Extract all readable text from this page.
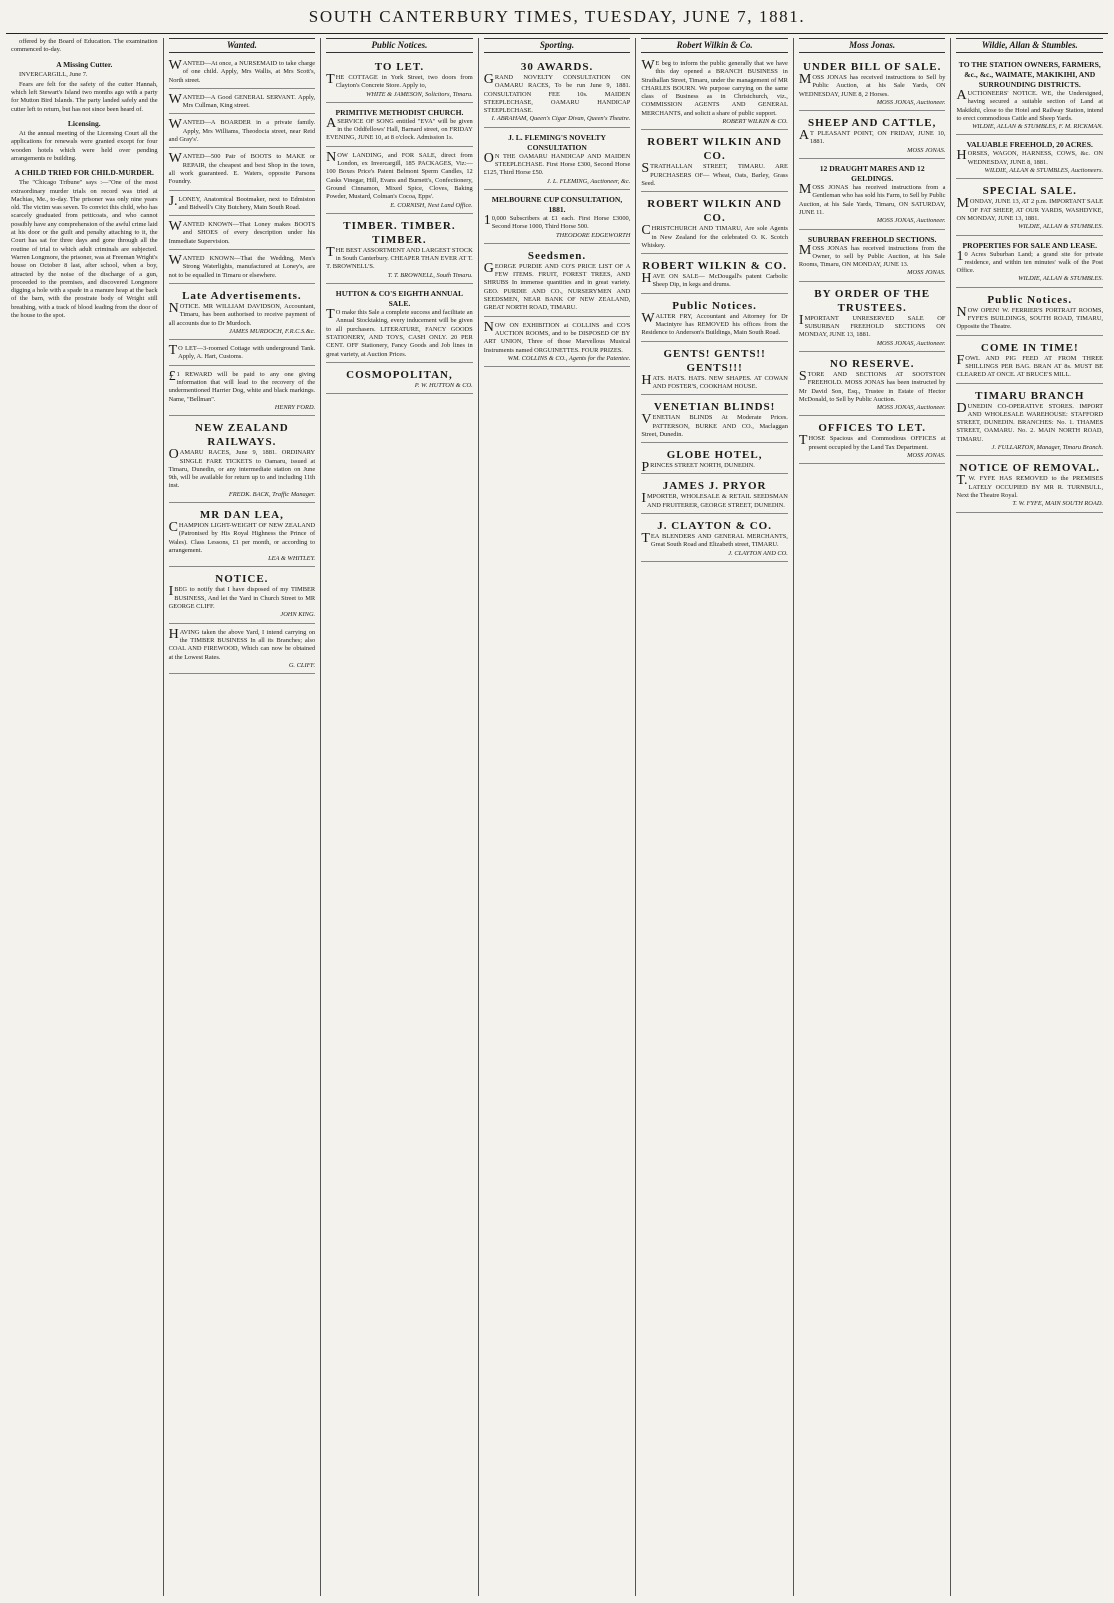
SOUTH CANTERBURY TIMES, TUESDAY, JUNE 7, 1881.

offered by the Board of Education. The examination commenced to-day.

A Missing Cutter.

INVERCARGILL, June 7.

Fears are felt for the safety of the cutter Hannah, which left Stewart's Island two months ago with a party for Mutton Bird Islands. The party landed safely and the cutter left to return, but has not since been heard of.

Licensing.

At the annual meeting of the Licensing Court all the applications for renewals were granted except for four wooden hotels which were held over pending arrangements re building.

A CHILD TRIED FOR CHILD-MURDER.

The "Chicago Tribune" says :—"One of the most extraordinary murder trials on record was tried at Machias, Me., to-day. The prisoner was only nine years old. The victim was seven. To convict this child, who has scarcely graduated from petticoats, and who cannot possibly have any comprehension of the awful crime laid at his door or the guilt and penalty attaching to it, the Court has sat for three days and gone through all the routine of trial to which adult criminals are subjected. Warren Longmore, the prisoner, was at Freeman Wright's house on October 8 last, after school, when a boy, attracted by the noise of the discharge of a gun, proceeded to the premises, and discovered Longmore digging a hole with a spade in a manure heap at the back of the barn, with the prostrate body of Wright still breathing, with a track of blood leading from the door of the house to the spot.

Wanted.
WANTED—At once, a NURSEMAID to take charge of one child. Apply, Mrs Wallis, at Mrs Scott's, North street.
WANTED—A Good GENERAL SERVANT. Apply, Mrs Cullman, King street.
WANTED—A BOARDER in a private family. Apply, Mrs Williams, Theodocia street, near Reid and Gray's'.
WANTED—500 Pair of BOOTS to MAKE or REPAIR, the cheapest and best Shop in the town, all work guaranteed. E. Waters, opposite Parsons Foundry.
J.LONEY, Anatomical Bootmaker, next to Edmiston and Bidwell's City Butchery, Main South Road.
WANTED KNOWN—That Loney makes BOOTS and SHOES of every description under his Immediate Supervision.
WANTED KNOWN—That the Wedding, Men's Strong Waterlights, manufactured at Loney's, are not to be equalled in Timaru or elsewhere.
Late Advertisements.
NOTICE. MR WILLIAM DAVIDSON, Accountant, Timaru, has been authorised to receive payment of all accounts due to Dr Murdoch.
JAMES MURDOCH, F.R.C.S.&c.
TO LET—3-roomed Cottage with underground Tank. Apply, A. Hart, Customs.
£1 REWARD will be paid to any one giving information that will lead to the recovery of the undermentioned Harrier Dog, white and black markings. Name, "Bellman".
HENRY FORD.
NEW ZEALAND RAILWAYS.
OAMARU RACES, June 9, 1881. ORDINARY SINGLE FARE TICKETS to Oamaru, issued at Timaru, Dunedin, or any intermediate station on June 9th, will be available for return up to and including 11th inst.
FREDK. BACK, Traffic Manager.
MR DAN LEA,
CHAMPION LIGHT-WEIGHT OF NEW ZEALAND (Patronised by His Royal Highness the Prince of Wales). Class Lessons, £1 per month, or according to arrangement.
LEA & WHITLEY.
NOTICE.
IBEG to notify that I have disposed of my TIMBER BUSINESS, And let the Yard in Church Street to MR GEORGE CLIFF.
JOHN KING.
HAVING taken the above Yard, I intend carrying on the TIMBER BUSINESS In all its Branches; also COAL AND FIREWOOD, Which can now be obtained at the Lowest Rates.
G. CLIFF.
Public Notices.
TO LET.
THE COTTAGE in York Street, two doors from Clayton's Concrete Store. Apply to,
WHITE & JAMESON, Solicitors, Timaru.
PRIMITIVE METHODIST CHURCH.
ASERVICE OF SONG entitled "EVA" will be given in the Oddfellows' Hall, Barnard street, on FRIDAY EVENING, JUNE 10, at 8 o'clock. Admission 1s.
NOW LANDING, and FOR SALE, direct from London, ex Invercargill, 185 PACKAGES, Viz:— 100 Boxes Price's Patent Belmont Sperm Candles, 12 Casks Vinegar, Hill, Evans and Burnett's, Confectionery, Ground Cinnamon, Mixed Spice, Cloves, Baking Powder, Mustard, Colman's Cocoa, Epps'.
E. CORNISH, Next Land Office.
TIMBER. TIMBER. TIMBER.
THE BEST ASSORTMENT AND LARGEST STOCK in South Canterbury. CHEAPER THAN EVER AT T. T. BROWNELL'S.
T. T. BROWNELL, South Timaru.
HUTTON & CO'S EIGHTH ANNUAL SALE.
TO make this Sale a complete success and facilitate an Annual Stocktaking, every inducement will be given to all purchasers. LITERATURE, FANCY GOODS STATIONERY, AND TOYS, CASH ONLY. 20 PER CENT. OFF Stationery, Fancy Goods and Job lines in great variety, at Auction Prices.
COSMOPOLITAN,
P. W. HUTTON & CO.
Sporting.
30 AWARDS.
GRAND NOVELTY CONSULTATION ON OAMARU RACES, To be run June 9, 1881. CONSULTATION FEE 10s. MAIDEN STEEPLECHASE, OAMARU HANDICAP STEEPLECHASE.
I. ABRAHAM, Queen's Cigar Divan, Queen's Theatre.
J. L. FLEMING'S NOVELTY CONSULTATION
ON THE OAMARU HANDICAP AND MAIDEN STEEPLECHASE. First Horse £300, Second Horse £125, Third Horse £50.
J. L. FLEMING, Auctioneer, &c.
MELBOURNE CUP CONSULTATION, 1881.
10,000 Subscribers at £1 each. First Horse £3000, Second Horse 1000, Third Horse 500.
THEODORE EDGEWORTH
Seedsmen.
GEORGE PURDIE AND CO'S PRICE LIST OF A FEW ITEMS. FRUIT, FOREST TREES, AND SHRUBS In immense quantities and in great variety. GEO. PURDIE AND CO., NURSERYMEN AND SEEDSMEN, NEAR BANK OF NEW ZEALAND, GREAT NORTH ROAD, TIMARU.
NOW ON EXHIBITION at COLLINS and CO'S AUCTION ROOMS, and to be DISPOSED OF BY ART UNION, Three of those Marvellous Musical Instruments named ORGUINETTES. FOUR PRIZES.
WM. COLLINS & CO., Agents for the Patentee.
Robert Wilkin & Co.
WE beg to inform the public generally that we have this day opened a BRANCH BUSINESS in Strathallan Street, Timaru, under the management of MR CHARLES BOURN. We purpose carrying on the same class of Business as in Christchurch, viz., COMMISSION AGENTS AND GENERAL MERCHANTS, and solicit a share of public support.
ROBERT WILKIN & CO.
ROBERT WILKIN AND CO.
STRATHALLAN STREET, TIMARU. ARE PURCHASERS OF— Wheat, Oats, Barley, Grass Seed.
ROBERT WILKIN AND CO.
CHRISTCHURCH AND TIMARU, Are sole Agents in New Zealand for the celebrated O. K. Scotch Whiskey.
ROBERT WILKIN & CO.
HAVE ON SALE— McDougall's patent Carbolic Sheep Dip, in kegs and drums.
Public Notices.
WALTER FRY, Accountant and Attorney for Dr Macintyre has REMOVED his offices from the Residence to Anderson's Buildings, Main South Road.
GENTS! GENTS!! GENTS!!!
HATS. HATS. HATS. NEW SHAPES. AT COWAN AND FOSTER'S, COOKHAM HOUSE.
VENETIAN BLINDS!
VENETIAN BLINDS At Moderate Prices. PATTERSON, BURKE AND CO., Maclaggan Street, Dunedin.
GLOBE HOTEL,
PRINCES STREET NORTH, DUNEDIN.
JAMES J. PRYOR
IMPORTER, WHOLESALE & RETAIL SEEDSMAN AND FRUITERER, GEORGE STREET, DUNEDIN.
J. CLAYTON & CO.
TEA BLENDERS AND GENERAL MERCHANTS, Great South Road and Elizabeth street, TIMARU.
J. CLAYTON AND CO.
Moss Jonas.
UNDER BILL OF SALE.
MOSS JONAS has received instructions to Sell by Public Auction, at his Sale Yards, ON WEDNESDAY, JUNE 8, 2 Horses.
MOSS JONAS, Auctioneer.
SHEEP AND CATTLE,
AT PLEASANT POINT, ON FRIDAY, JUNE 10, 1881.
MOSS JONAS.
12 DRAUGHT MARES AND 12 GELDINGS.
MOSS JONAS has received instructions from a Gentleman who has sold his Farm, to Sell by Public Auction, at his Sale Yards, Timaru, ON SATURDAY, JUNE 11.
MOSS JONAS, Auctioneer.
SUBURBAN FREEHOLD SECTIONS.
MOSS JONAS has received instructions from the Owner, to sell by Public Auction, at his Sale Rooms, Timaru, ON MONDAY, JUNE 13.
MOSS JONAS.
BY ORDER OF THE TRUSTEES.
IMPORTANT UNRESERVED SALE OF SUBURBAN FREEHOLD SECTIONS ON MONDAY, JUNE 13, 1881.
MOSS JONAS, Auctioneer.
NO RESERVE.
STORE AND SECTIONS AT SOOTSTON FREEHOLD. MOSS JONAS has been instructed by Mr David Son, Esq., Trustee in Estate of Hector McDonald, to Sell by Public Auction.
MOSS JONAS, Auctioneer.
OFFICES TO LET.
THOSE Spacious and Commodious OFFICES at present occupied by the Land Tax Department.
MOSS JONAS.
Wildie, Allan & Stumbles.
TO THE STATION OWNERS, FARMERS, &c., &c., WAIMATE, MAKIKIHI, AND SURROUNDING DISTRICTS.
AUCTIONEERS' NOTICE. WE, the Undersigned, having secured a suitable section of Land at Makikihi, close to the Hotel and Railway Station, intend to erect commodious Cattle and Sheep Yards.
WILDIE, ALLAN & STUMBLES, F. M. RICKMAN.
VALUABLE FREEHOLD, 20 ACRES.
HORSES, WAGON, HARNESS, COWS, &c. ON WEDNESDAY, JUNE 8, 1881.
WILDIE, ALLAN & STUMBLES, Auctioneers.
SPECIAL SALE.
MONDAY, JUNE 13, AT 2 p.m. IMPORTANT SALE OF FAT SHEEP, AT OUR YARDS, WASHDYKE, ON MONDAY, JUNE 13, 1881.
WILDIE, ALLAN & STUMBLES.
PROPERTIES FOR SALE AND LEASE.
10 Acres Suburban Land; a grand site for private residence, and within ten minutes' walk of the Post Office.
WILDIE, ALLAN & STUMBLES.
Public Notices.
NOW OPEN! W. FERRIER'S PORTRAIT ROOMS, FYFE'S BUILDINGS, SOUTH ROAD, TIMARU, Opposite the Theatre.
COME IN TIME!
FOWL AND PIG FEED AT FROM THREE SHILLINGS PER BAG. BRAN AT 8s. MUST BE CLEARED AT ONCE. AT BRUCE'S MILL.
TIMARU BRANCH
DUNEDIN CO-OPERATIVE STORES. IMPORT AND WHOLESALE WAREHOUSE: STAFFORD STREET, DUNEDIN. BRANCHES: No. 1. THAMES STREET, OAMARU. No. 2. MAIN NORTH ROAD, TIMARU.
J. FULLARTON, Manager, Timaru Branch.
NOTICE OF REMOVAL.
T.W. FYFE HAS REMOVED to the PREMISES LATELY OCCUPIED BY MR R. TURNBULL, Next the Theatre Royal.
T. W. FYFE, MAIN SOUTH ROAD.
